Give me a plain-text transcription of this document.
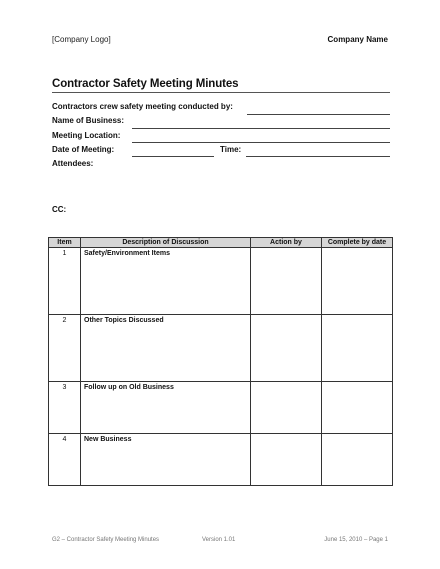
[Company Logo]	Company Name
Contractor Safety Meeting Minutes
Contractors crew safety meeting conducted by:
Name of Business:
Meeting Location:
Date of Meeting:	Time:
Attendees:
CC:
Item	Description of Discussion	Action by	Complete by date
1	Safety/Environment Items		
2	Other Topics Discussed		
3	Follow up on Old Business		
4	New Business		
G2 – Contractor Safety Meeting Minutes	Version 1.01	June 15, 2010 – Page 1
